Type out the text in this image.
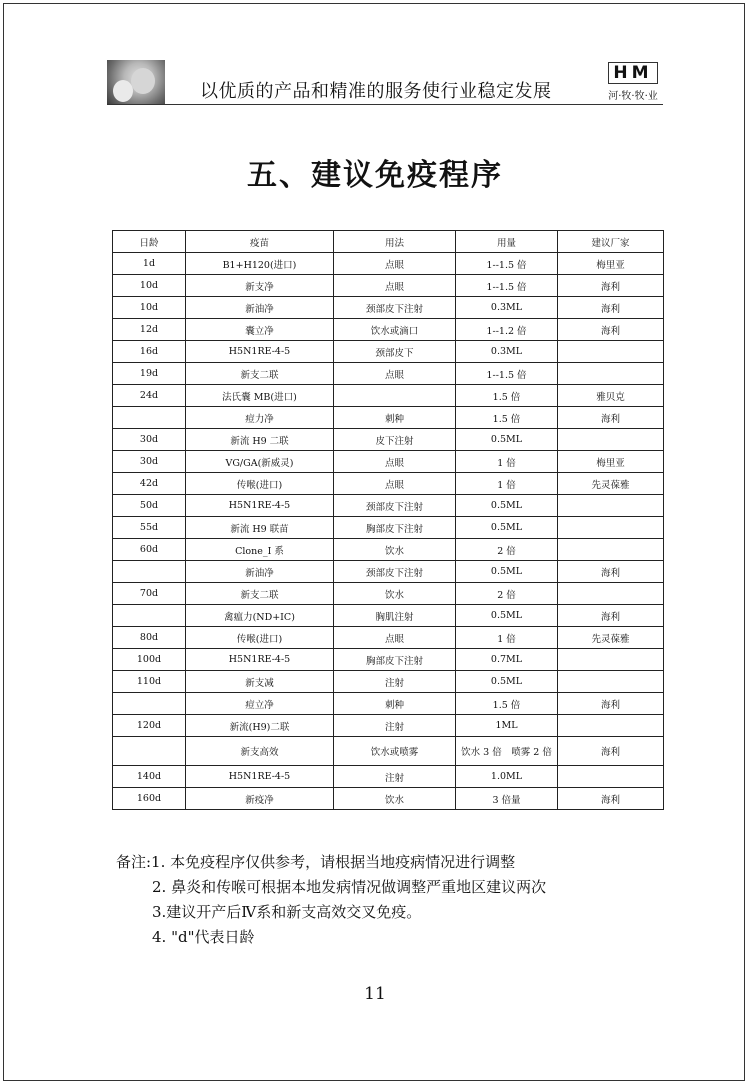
以优质的产品和精准的服务使行业稳定发展
HM
河·牧·牧·业
五、建议免疫程序
日龄	疫苗	用法	用量	建议厂家
1d	B1+H120(进口)	点眼	1--1.5 倍	梅里亚
10d	新支净	点眼	1--1.5 倍	海利
10d	新油净	颈部皮下注射	0.3ML	海利
12d	囊立净	饮水或滴口	1--1.2 倍	海利
16d	H5N1RE-4-5	颈部皮下	0.3ML	
19d	新支二联	点眼	1--1.5 倍	
24d	法氏囊 MB(进口)		1.5 倍	雅贝克
	痘力净	刺种	1.5 倍	海利
30d	新流 H9 二联	皮下注射	0.5ML	
30d	VG/GA(新威灵)	点眼	1 倍	梅里亚
42d	传喉(进口)	点眼	1 倍	先灵葆雅
50d	H5N1RE-4-5	颈部皮下注射	0.5ML	
55d	新流 H9 联苗	胸部皮下注射	0.5ML	
60d	Clone_I 系	饮水	2 倍	
	新油净	颈部皮下注射	0.5ML	海利
70d	新支二联	饮水	2 倍	
	禽瘟力(ND+IC)	胸肌注射	0.5ML	海利
80d	传喉(进口)	点眼	1 倍	先灵葆雅
100d	H5N1RE-4-5	胸部皮下注射	0.7ML	
110d	新支减	注射	0.5ML	
	痘立净	刺种	1.5 倍	海利
120d	新流(H9)二联	注射	1ML	
	新支高效	饮水或喷雾	饮水 3 倍　喷雾 2 倍	海利
140d	H5N1RE-4-5	注射	1.0ML	
160d	新疫净	饮水	3 倍量	海利
备注:1. 本免疫程序仅供参考，请根据当地疫病情况进行调整
2. 鼻炎和传喉可根据本地发病情况做调整严重地区建议两次
3.建议开产后Ⅳ系和新支高效交叉免疫。
4. "d"代表日龄
11
